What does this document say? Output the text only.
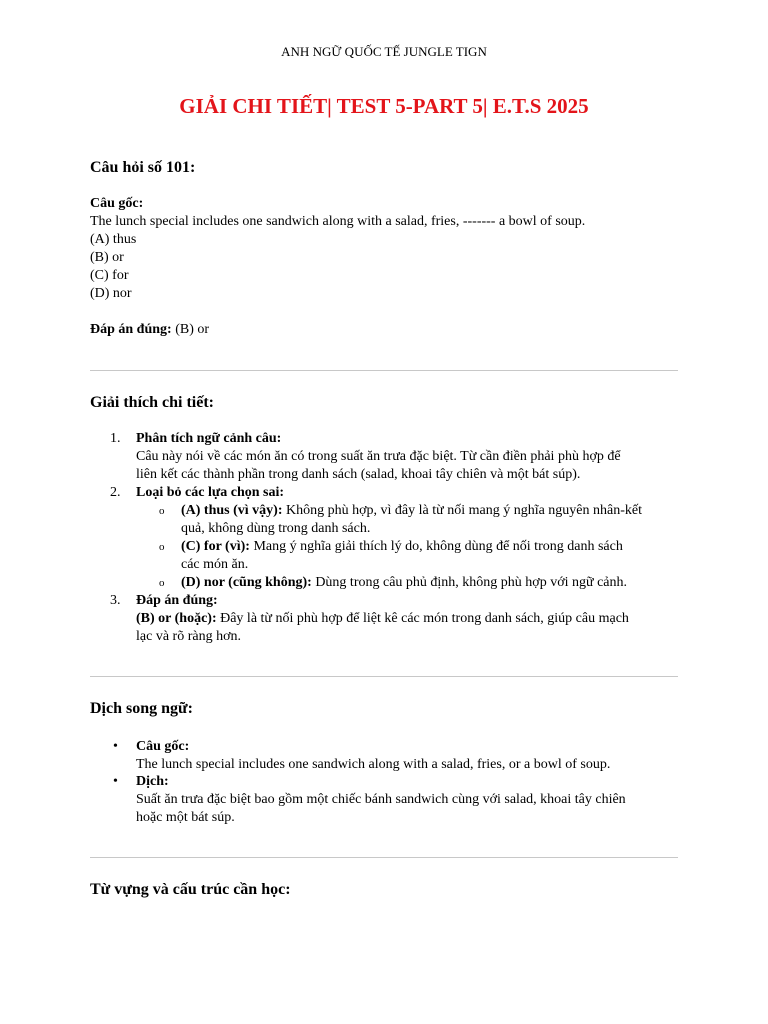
ANH NGỮ QUỐC TẾ JUNGLE TIGN
GIẢI CHI TIẾT| TEST 5-PART 5| E.T.S 2025
Câu hỏi số 101:
Câu gốc:
The lunch special includes one sandwich along with a salad, fries, ------- a bowl of soup.
(A) thus
(B) or
(C) for
(D) nor
Đáp án đúng: (B) or
Giải thích chi tiết:
1.	Phân tích ngữ cảnh câu:
Câu này nói về các món ăn có trong suất ăn trưa đặc biệt. Từ cần điền phải phù hợp để
liên kết các thành phần trong danh sách (salad, khoai tây chiên và một bát súp).
2.	Loại bỏ các lựa chọn sai:
o (A) thus (vì vậy): Không phù hợp, vì đây là từ nối mang ý nghĩa nguyên nhân-kết
quả, không dùng trong danh sách.
o (C) for (vì): Mang ý nghĩa giải thích lý do, không dùng để nối trong danh sách
các món ăn.
o (D) nor (cũng không): Dùng trong câu phủ định, không phù hợp với ngữ cảnh.
3.	Đáp án đúng:
(B) or (hoặc): Đây là từ nối phù hợp để liệt kê các món trong danh sách, giúp câu mạch
lạc và rõ ràng hơn.
Dịch song ngữ:
• Câu gốc:
The lunch special includes one sandwich along with a salad, fries, or a bowl of soup.
• Dịch:
Suất ăn trưa đặc biệt bao gồm một chiếc bánh sandwich cùng với salad, khoai tây chiên
hoặc một bát súp.
Từ vựng và cấu trúc cần học:
